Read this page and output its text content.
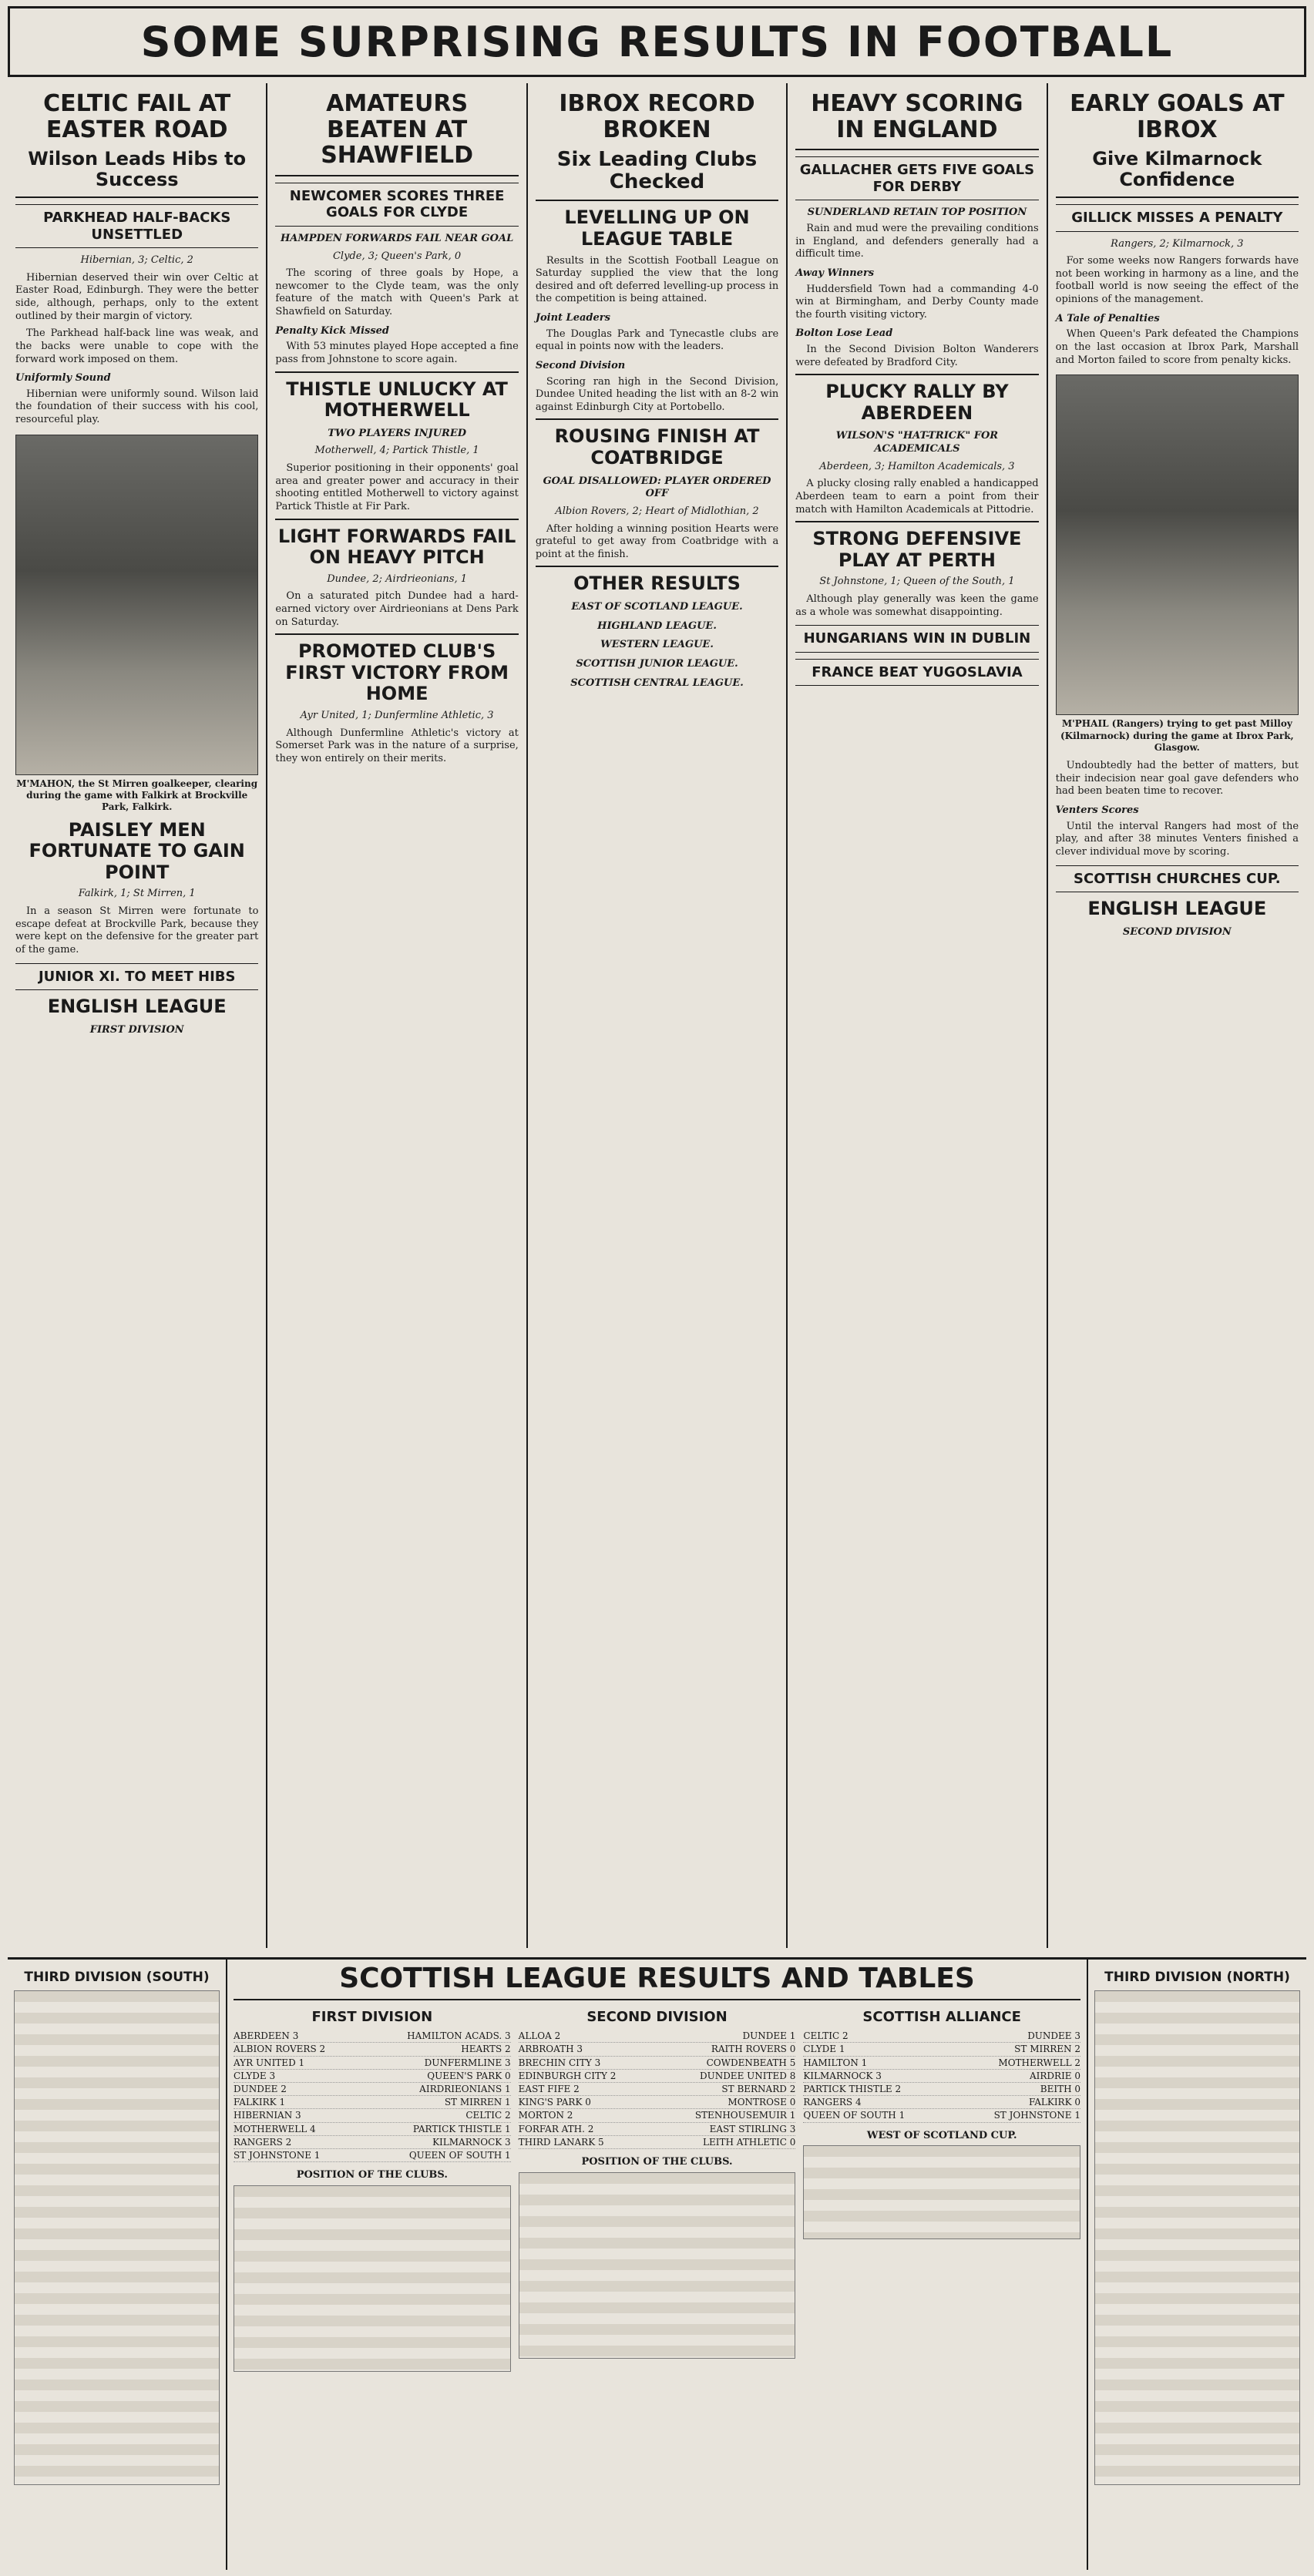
SOME SURPRISING RESULTS IN FOOTBALL
CELTIC FAIL AT EASTER ROAD
Wilson Leads Hibs to Success
PARKHEAD HALF-BACKS UNSETTLED
Hibernian, 3; Celtic, 2

Hibernian deserved their win over Celtic at Easter Road, Edinburgh. They were the better side, although, perhaps, only to the extent outlined by their margin of victory.

The Parkhead half-back line was weak, and the backs were unable to cope with the forward work imposed on them.

Uniformly Sound

Hibernian were uniformly sound. Wilson laid the foundation of their success with his cool, resourceful play.

M'MAHON, the St Mirren goalkeeper, clearing during the game with Falkirk at Brockville Park, Falkirk.
PAISLEY MEN FORTUNATE TO GAIN POINT
Falkirk, 1; St Mirren, 1

In a season St Mirren were fortunate to escape defeat at Brockville Park, because they were kept on the defensive for the greater part of the game.

JUNIOR XI. TO MEET HIBS
ENGLISH LEAGUE
FIRST DIVISION
AMATEURS BEATEN AT SHAWFIELD
NEWCOMER SCORES THREE GOALS FOR CLYDE
HAMPDEN FORWARDS FAIL NEAR GOAL
Clyde, 3; Queen's Park, 0

The scoring of three goals by Hope, a newcomer to the Clyde team, was the only feature of the match with Queen's Park at Shawfield on Saturday.

Penalty Kick Missed

With 53 minutes played Hope accepted a fine pass from Johnstone to score again.

THISTLE UNLUCKY AT MOTHERWELL
TWO PLAYERS INJURED
Motherwell, 4; Partick Thistle, 1

Superior positioning in their opponents' goal area and greater power and accuracy in their shooting entitled Motherwell to victory against Partick Thistle at Fir Park.

LIGHT FORWARDS FAIL ON HEAVY PITCH
Dundee, 2; Airdrieonians, 1

On a saturated pitch Dundee had a hard-earned victory over Airdrieonians at Dens Park on Saturday.

PROMOTED CLUB'S FIRST VICTORY FROM HOME
Ayr United, 1; Dunfermline Athletic, 3

Although Dunfermline Athletic's victory at Somerset Park was in the nature of a surprise, they won entirely on their merits.

IBROX RECORD BROKEN
Six Leading Clubs Checked
LEVELLING UP ON LEAGUE TABLE

Results in the Scottish Football League on Saturday supplied the view that the long desired and oft deferred levelling-up process in the competition is being attained.

Joint Leaders

The Douglas Park and Tynecastle clubs are equal in points now with the leaders.

Second Division

Scoring ran high in the Second Division, Dundee United heading the list with an 8-2 win against Edinburgh City at Portobello.

ROUSING FINISH AT COATBRIDGE
GOAL DISALLOWED: PLAYER ORDERED OFF
Albion Rovers, 2; Heart of Midlothian, 2

After holding a winning position Hearts were grateful to get away from Coatbridge with a point at the finish.

OTHER RESULTS
EAST OF SCOTLAND LEAGUE.
HIGHLAND LEAGUE.
WESTERN LEAGUE.
SCOTTISH JUNIOR LEAGUE.
SCOTTISH CENTRAL LEAGUE.
HEAVY SCORING IN ENGLAND
GALLACHER GETS FIVE GOALS FOR DERBY
SUNDERLAND RETAIN TOP POSITION

Rain and mud were the prevailing conditions in England, and defenders generally had a difficult time.

Away Winners

Huddersfield Town had a commanding 4-0 win at Birmingham, and Derby County made the fourth visiting victory.

Bolton Lose Lead

In the Second Division Bolton Wanderers were defeated by Bradford City.

PLUCKY RALLY BY ABERDEEN
WILSON'S "HAT-TRICK" FOR ACADEMICALS
Aberdeen, 3; Hamilton Academicals, 3

A plucky closing rally enabled a handicapped Aberdeen team to earn a point from their match with Hamilton Academicals at Pittodrie.

STRONG DEFENSIVE PLAY AT PERTH
St Johnstone, 1; Queen of the South, 1

Although play generally was keen the game as a whole was somewhat disappointing.

HUNGARIANS WIN IN DUBLIN
FRANCE BEAT YUGOSLAVIA
EARLY GOALS AT IBROX
Give Kilmarnock Confidence
GILLICK MISSES A PENALTY
Rangers, 2; Kilmarnock, 3

For some weeks now Rangers forwards have not been working in harmony as a line, and the football world is now seeing the effect of the opinions of the management.

A Tale of Penalties

When Queen's Park defeated the Champions on the last occasion at Ibrox Park, Marshall and Morton failed to score from penalty kicks.

M'PHAIL (Rangers) trying to get past Milloy (Kilmarnock) during the game at Ibrox Park, Glasgow.

Undoubtedly had the better of matters, but their indecision near goal gave defenders who had been beaten time to recover.

Venters Scores

Until the interval Rangers had most of the play, and after 38 minutes Venters finished a clever individual move by scoring.

SCOTTISH CHURCHES CUP.
ENGLISH LEAGUE
SECOND DIVISION
THIRD DIVISION (SOUTH)	SCOTTISH LEAGUE RESULTS AND TABLES
FIRST DIVISION
ABERDEEN 3	HAMILTON ACADS. 3
ALBION ROVERS 2	HEARTS 2
AYR UNITED 1	DUNFERMLINE 3
CLYDE 3	QUEEN'S PARK 0
DUNDEE 2	AIRDRIEONIANS 1
FALKIRK 1	ST MIRREN 1
HIBERNIAN 3	CELTIC 2
MOTHERWELL 4	PARTICK THISTLE 1
RANGERS 2	KILMARNOCK 3
ST JOHNSTONE 1	QUEEN OF SOUTH 1
POSITION OF THE CLUBS.
SECOND DIVISION
ALLOA 2	DUNDEE 1
ARBROATH 3	RAITH ROVERS 0
BRECHIN CITY 3	COWDENBEATH 5
EDINBURGH CITY 2	DUNDEE UNITED 8
EAST FIFE 2	ST BERNARD 2
KING'S PARK 0	MONTROSE 0
MORTON 2	STENHOUSEMUIR 1
FORFAR ATH. 2	EAST STIRLING 3
THIRD LANARK 5	LEITH ATHLETIC 0
POSITION OF THE CLUBS.
SCOTTISH ALLIANCE
CELTIC 2	DUNDEE 3
CLYDE 1	ST MIRREN 2
HAMILTON 1	MOTHERWELL 2
KILMARNOCK 3	AIRDRIE 0
PARTICK THISTLE 2	BEITH 0
RANGERS 4	FALKIRK 0
QUEEN OF SOUTH 1	ST JOHNSTONE 1
WEST OF SCOTLAND CUP.
THIRD DIVISION (NORTH)
